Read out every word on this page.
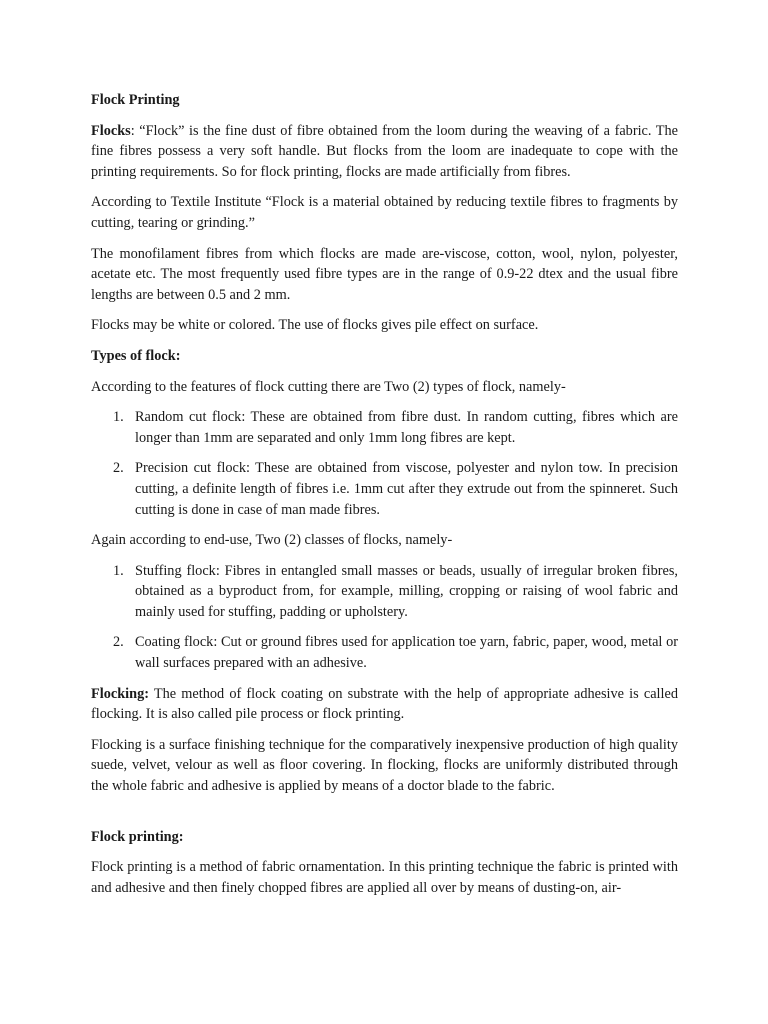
Flock Printing

Flocks: “Flock” is the fine dust of fibre obtained from the loom during the weaving of a fabric. The fine fibres possess a very soft handle. But flocks from the loom are inadequate to cope with the printing requirements. So for flock printing, flocks are made artificially from fibres.

According to Textile Institute “Flock is a material obtained by reducing textile fibres to fragments by cutting, tearing or grinding.”

The monofilament fibres from which flocks are made are-viscose, cotton, wool, nylon, polyester, acetate etc. The most frequently used fibre types are in the range of 0.9-22 dtex and the usual fibre lengths are between 0.5 and 2 mm.

Flocks may be white or colored. The use of flocks gives pile effect on surface.

Types of flock:

According to the features of flock cutting there are Two (2) types of flock, namely-

1. Random cut flock: These are obtained from fibre dust. In random cutting, fibres which are longer than 1mm are separated and only 1mm long fibres are kept.
2. Precision cut flock: These are obtained from viscose, polyester and nylon tow. In precision cutting, a definite length of fibres i.e. 1mm cut after they extrude out from the spinneret. Such cutting is done in case of man made fibres.

Again according to end-use, Two (2) classes of flocks, namely-

1. Stuffing flock: Fibres in entangled small masses or beads, usually of irregular broken fibres, obtained as a byproduct from, for example, milling, cropping or raising of wool fabric and mainly used for stuffing, padding or upholstery.
2. Coating flock: Cut or ground fibres used for application toe yarn, fabric, paper, wood, metal or wall surfaces prepared with an adhesive.

Flocking: The method of flock coating on substrate with the help of appropriate adhesive is called flocking. It is also called pile process or flock printing.

Flocking is a surface finishing technique for the comparatively inexpensive production of high quality suede, velvet, velour as well as floor covering. In flocking, flocks are uniformly distributed through the whole fabric and adhesive is applied by means of a doctor blade to the fabric.

Flock printing:

Flock printing is a method of fabric ornamentation. In this printing technique the fabric is printed with and adhesive and then finely chopped fibres are applied all over by means of dusting-on, air-
